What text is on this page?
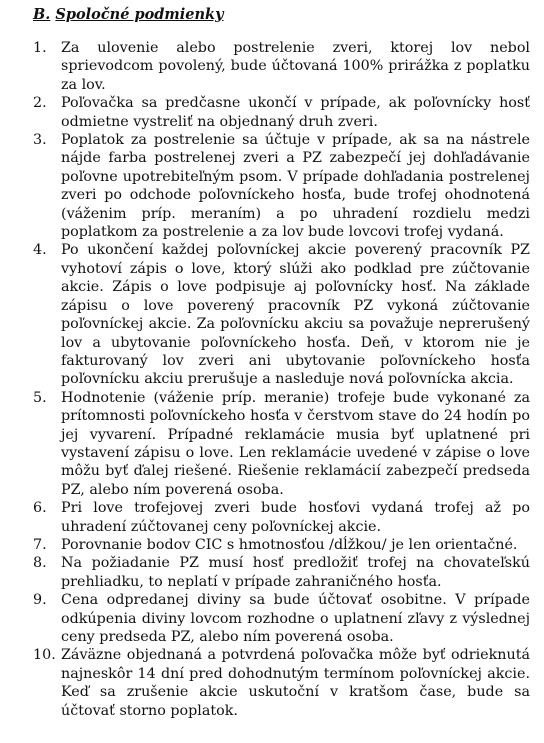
B. Spoločné podmienky
1. Za ulovenie alebo postrelenie zveri, ktorej lov nebol sprievodcom povolený, bude účtovaná 100% prirážka z poplatku za lov.
2. Poľovačka sa predčasne ukončí v prípade, ak poľovnícky hosť odmietne vystreliť na objednaný druh zveri.
3. Poplatok za postrelenie sa účtuje v prípade, ak sa na nástrele nájde farba postrelenej zveri a PZ zabezpečí jej dohľadávanie poľovne upotrebiteľným psom. V prípade dohľadania postrelenej zveri po odchode poľovníckeho hosťa, bude trofej ohodnotená (váženim príp. meraním) a po uhradení rozdielu medzi poplatkom za postrelenie a za lov bude lovcovi trofej vydaná.
4. Po ukončení každej poľovníckej akcie poverený pracovník PZ vyhotoví zápis o love, ktorý slúži ako podklad pre zúčtovanie akcie. Zápis o love podpisuje aj poľovnícky hosť. Na základe zápisu o love poverený pracovník PZ vykoná zúčtovanie poľovníckej akcie. Za poľovnícku akciu sa považuje neprerušený lov a ubytovanie poľovníckeho hosťa. Deň, v ktorom nie je fakturovaný lov zveri ani ubytovanie poľovníckeho hosťa poľovnícku akciu prerušuje a nasleduje nová poľovnícka akcia.
5. Hodnotenie (váženie príp. meranie) trofeje bude vykonané za prítomnosti poľovníckeho hosťa v čerstvom stave do 24 hodín po jej vyvarení. Prípadné reklamácie musia byť uplatnené pri vystavení zápisu o love. Len reklamácie uvedené v zápise o love môžu byť ďalej riešené. Riešenie reklamácií zabezpečí predseda PZ, alebo ním poverená osoba.
6. Pri love trofejovej zveri bude hosťovi vydaná trofej až po uhradení zúčtovanej ceny poľovníckej akcie.
7. Porovnanie bodov CIC s hmotnosťou /dĺžkou/ je len orientačné.
8. Na požiadanie PZ musí hosť predložiť trofej na chovateľskú prehliadku, to neplatí v prípade zahraničného hosťa.
9. Cena odpredanej diviny sa bude účtovať osobitne. V prípade odkúpenia diviny lovcom rozhodne o uplatnení zľavy z výslednej ceny predseda PZ, alebo ním poverená osoba.
10. Záväzne objednaná a potvrdená poľovačka môže byť odrieknutá najneskôr 14 dní pred dohodnutým termínom poľovníckej akcie. Keď sa zrušenie akcie uskutoční v kratšom čase, bude sa účtovať storno poplatok.
